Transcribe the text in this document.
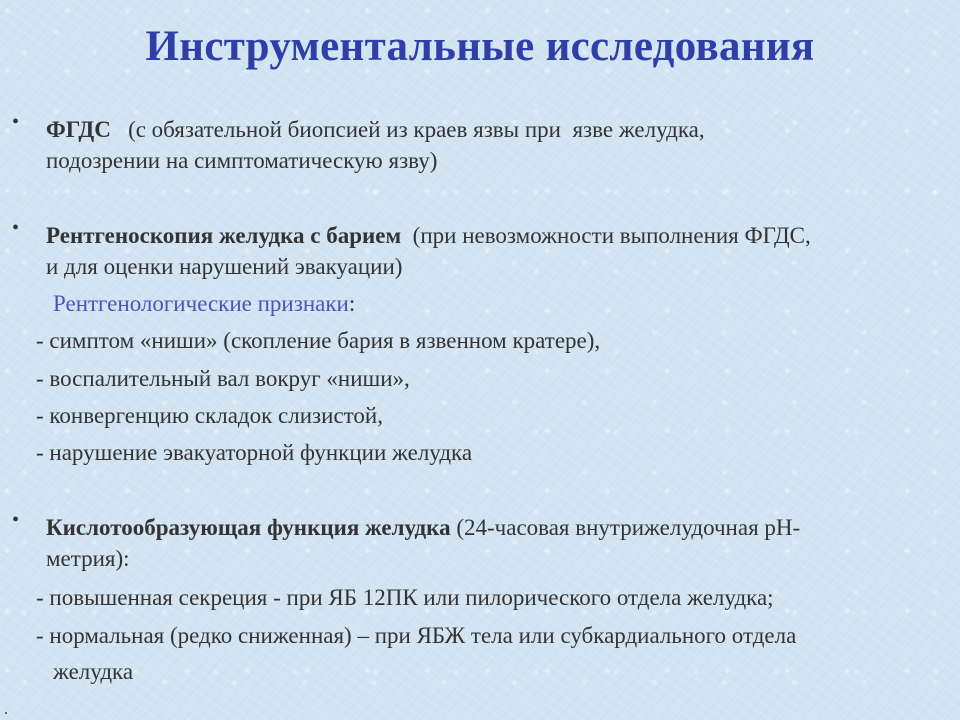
Инструментальные исследования
• ФГДС   (с обязательной биопсией из краев язвы при  язве желудка,
подозрении на симптоматическую язву)
• Рентгеноскопия желудка с барием  (при невозможности выполнения ФГДС,
и для оценки нарушений эвакуации)
Рентгенологические признаки:
- симптом «ниши» (скопление бария в язвенном кратере),
- воспалительный вал вокруг «ниши»,
- конвергенцию складок слизистой,
- нарушение эвакуаторной функции желудка
• Кислотообразующая функция желудка (24-часовая внутрижелудочная рН-
метрия):
- повышенная секреция - при ЯБ 12ПК или пилорического отдела желудка;
- нормальная (редко сниженная) – при ЯБЖ тела или субкардиального отдела
желудка
.
